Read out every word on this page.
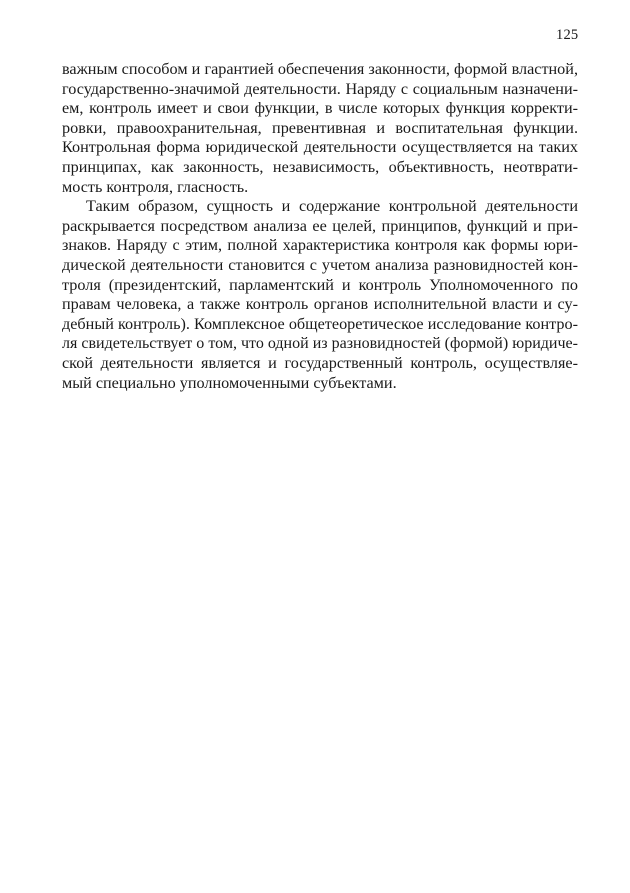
125
важным способом и гарантией обеспечения законности, формой властной,
государственно-значимой деятельности. Наряду с социальным назначени-
ем, контроль имеет и свои функции, в числе которых функция корректи-
ровки, правоохранительная, превентивная и воспитательная функции.
Контрольная форма юридической деятельности осуществляется на таких
принципах, как законность, независимость, объективность, неотврати-
мость контроля, гласность.
Таким образом, сущность и содержание контрольной деятельности
раскрывается посредством анализа ее целей, принципов, функций и при-
знаков. Наряду с этим, полной характеристика контроля как формы юри-
дической деятельности становится с учетом анализа разновидностей кон-
троля (президентский, парламентский и контроль Уполномоченного по
правам человека, а также контроль органов исполнительной власти и су-
дебный контроль). Комплексное общетеоретическое исследование контро-
ля свидетельствует о том, что одной из разновидностей (формой) юридиче-
ской деятельности является и государственный контроль, осуществляе-
мый специально уполномоченными субъектами.
